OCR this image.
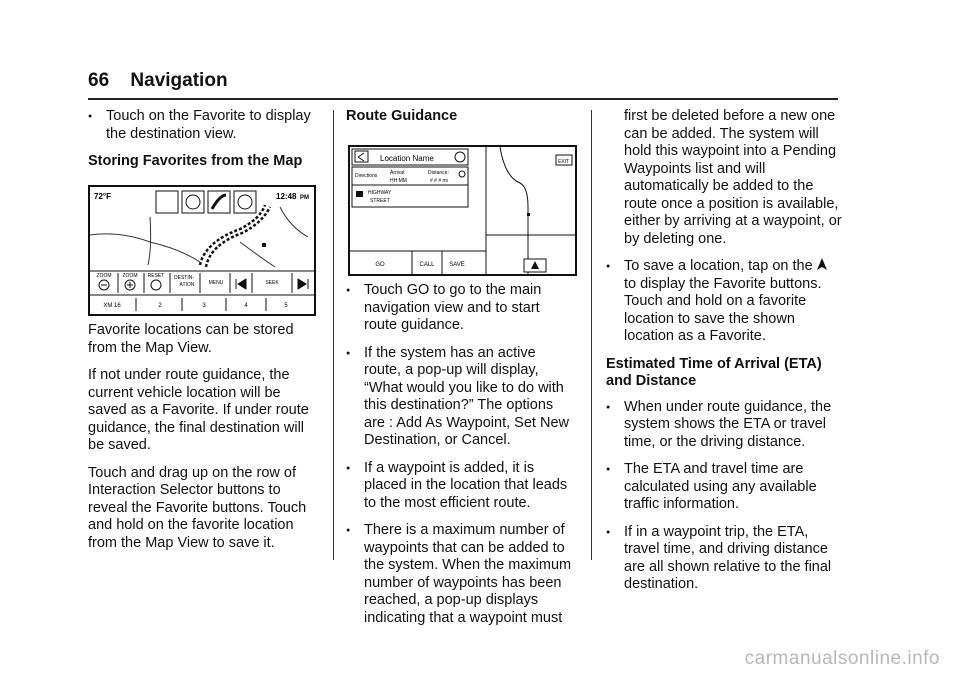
66 Navigation
● Touch on the Favorite to display the destination view.
Storing Favorites from the Map
72°F	12:48 PM
ZOOM ZOOM RESET DESTIN-
ATION	MENU	SEEK
XM 16	2	3	4	5

Favorite locations can be stored from the Map View.

If not under route guidance, the current vehicle location will be saved as a Favorite. If under route guidance, the final destination will be saved.

Touch and drag up on the row of Interaction Selector buttons to reveal the Favorite buttons. Touch and hold on the favorite location from the Map View to save it.

Route Guidance
Location Name
Directions	Arrival:
HH:MM
Distance:
# # # mi
HIGHWAY
STREET
EXIT
GO	CALL SAVE
● Touch GO to go to the main navigation view and to start route guidance.
● If the system has an active route, a pop-up will display, “What would you like to do with this destination?” The options are : Add As Waypoint, Set New Destination, or Cancel.
● If a waypoint is added, it is placed in the location that leads to the most efficient route.
● There is a maximum number of waypoints that can be added to the system. When the maximum number of waypoints has been reached, a pop-up displays indicating that a waypoint must

first be deleted before a new one can be added. The system will hold this waypoint into a Pending Waypoints list and will automatically be added to the route once a position is available, either by arriving at a waypoint, or by deleting one.

● To save a location, tap on the  to display the Favorite buttons. Touch and hold on a favorite location to save the shown location as a Favorite.
Estimated Time of Arrival (ETA) and Distance
● When under route guidance, the system shows the ETA or travel time, or the driving distance.
● The ETA and travel time are calculated using any available traffic information.
● If in a waypoint trip, the ETA, travel time, and driving distance are all shown relative to the final destination.
carmanualsonline.info
